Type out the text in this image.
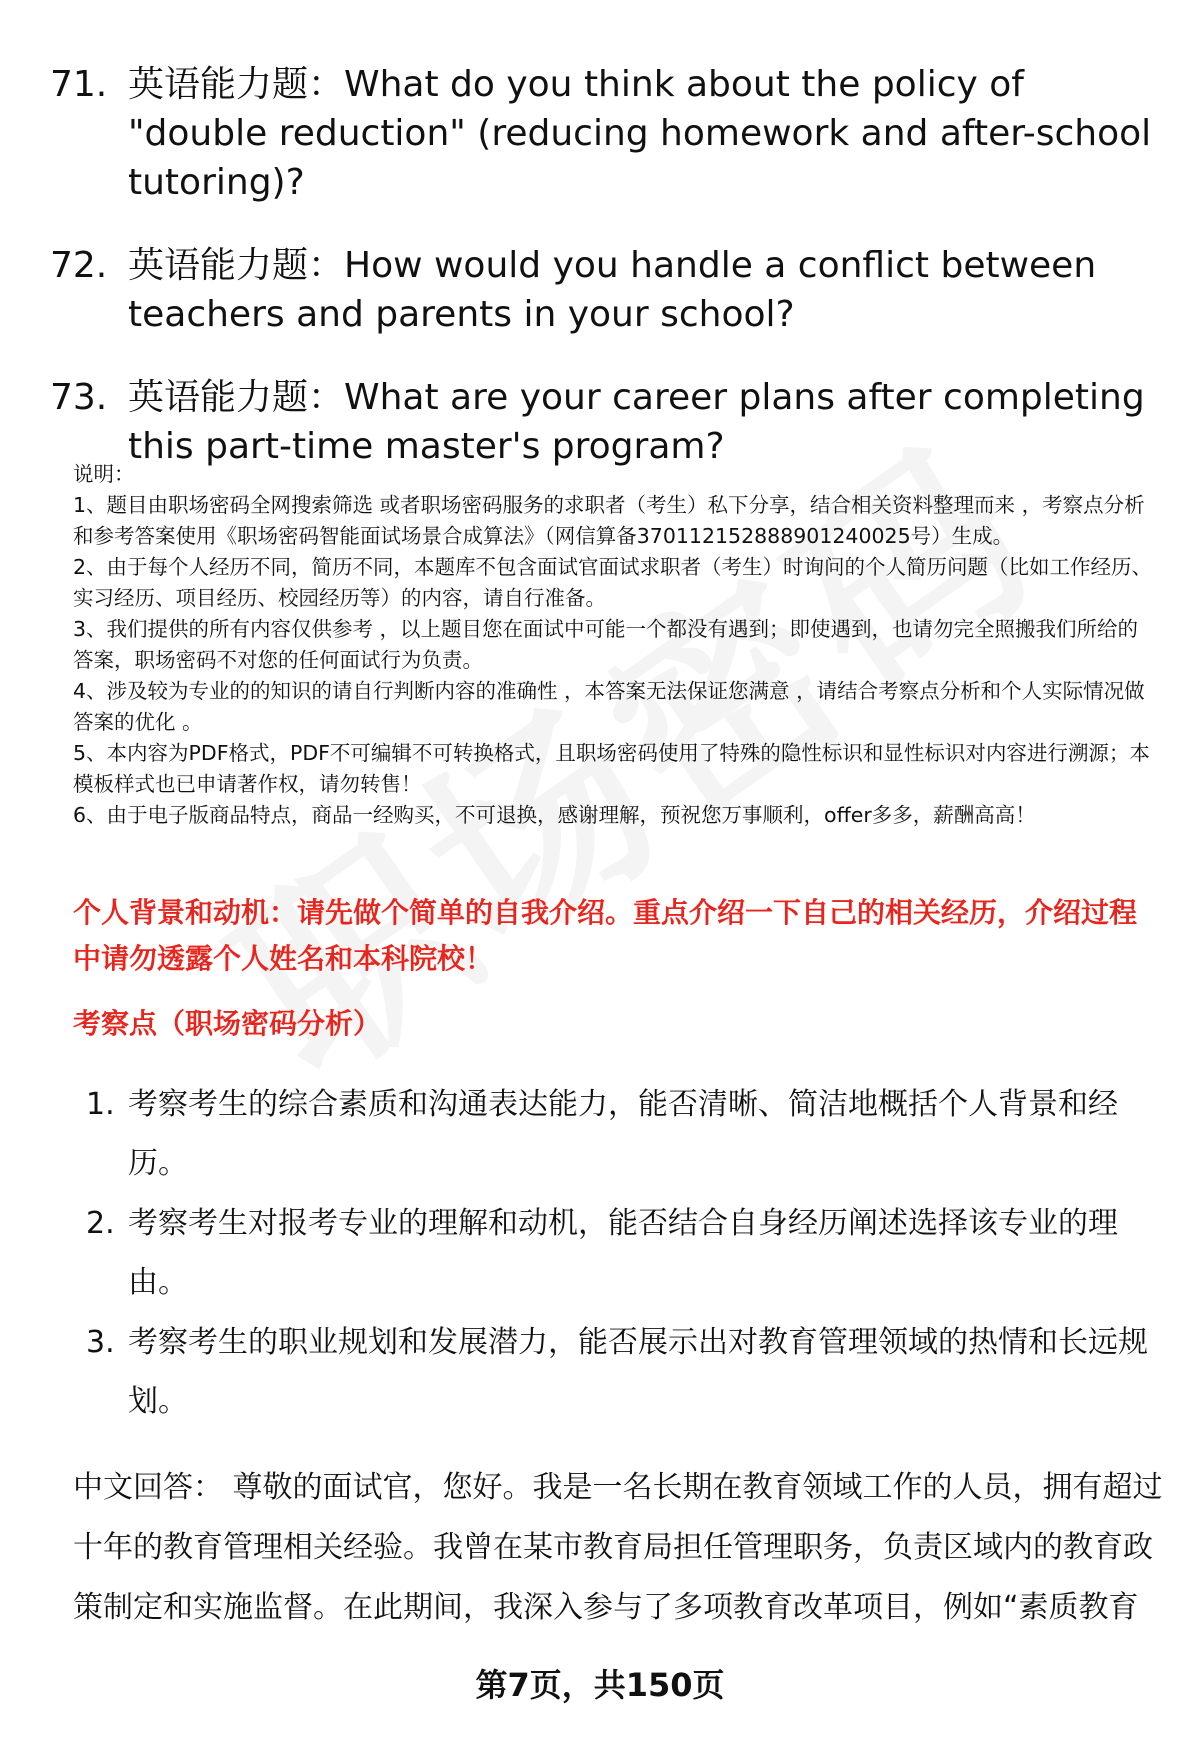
71. 英语能力题：What do you think about the policy of "double reduction" (reducing homework and after-school tutoring)?
72. 英语能力题：How would you handle a conflict between teachers and parents in your school?
73. 英语能力题：What are your career plans after completing this part-time master's program?

说明：

1、题目由职场密码全网搜索筛选 或者职场密码服务的求职者（考生）私下分享，结合相关资料整理而来 ，考察点分析和参考答案使用《职场密码智能面试场景合成算法》（网信算备370112152888901240025号）生成。

2、由于每个人经历不同，简历不同，本题库不包含面试官面试求职者（考生）时询问的个人简历问题（比如工作经历、实习经历、项目经历、校园经历等）的内容，请自行准备。

3、我们提供的所有内容仅供参考 ，以上题目您在面试中可能一个都没有遇到；即使遇到，也请勿完全照搬我们所给的答案，职场密码不对您的任何面试行为负责。

4、涉及较为专业的的知识的请自行判断内容的准确性 ，本答案无法保证您满意 ，请结合考察点分析和个人实际情况做答案的优化 。

5、本内容为PDF格式，PDF不可编辑不可转换格式，且职场密码使用了特殊的隐性标识和显性标识对内容进行溯源；本模板样式也已申请著作权，请勿转售！

6、由于电子版商品特点，商品一经购买，不可退换，感谢理解，预祝您万事顺利，offer多多，薪酬高高！

个人背景和动机：请先做个简单的自我介绍。重点介绍一下自己的相关经历，介绍过程中请勿透露个人姓名和本科院校！
考察点（职场密码分析）
1. 考察考生的综合素质和沟通表达能力，能否清晰、简洁地概括个人背景和经历。
2. 考察考生对报考专业的理解和动机，能否结合自身经历阐述选择该专业的理由。
3. 考察考生的职业规划和发展潜力，能否展示出对教育管理领域的热情和长远规划。
中文回答： 尊敬的面试官，您好。我是一名长期在教育领域工作的人员，拥有超过十年的教育管理相关经验。我曾在某市教育局担任管理职务，负责区域内的教育政策制定和实施监督。在此期间，我深入参与了多项教育改革项目，例如“素质教育
第7页，共150页
